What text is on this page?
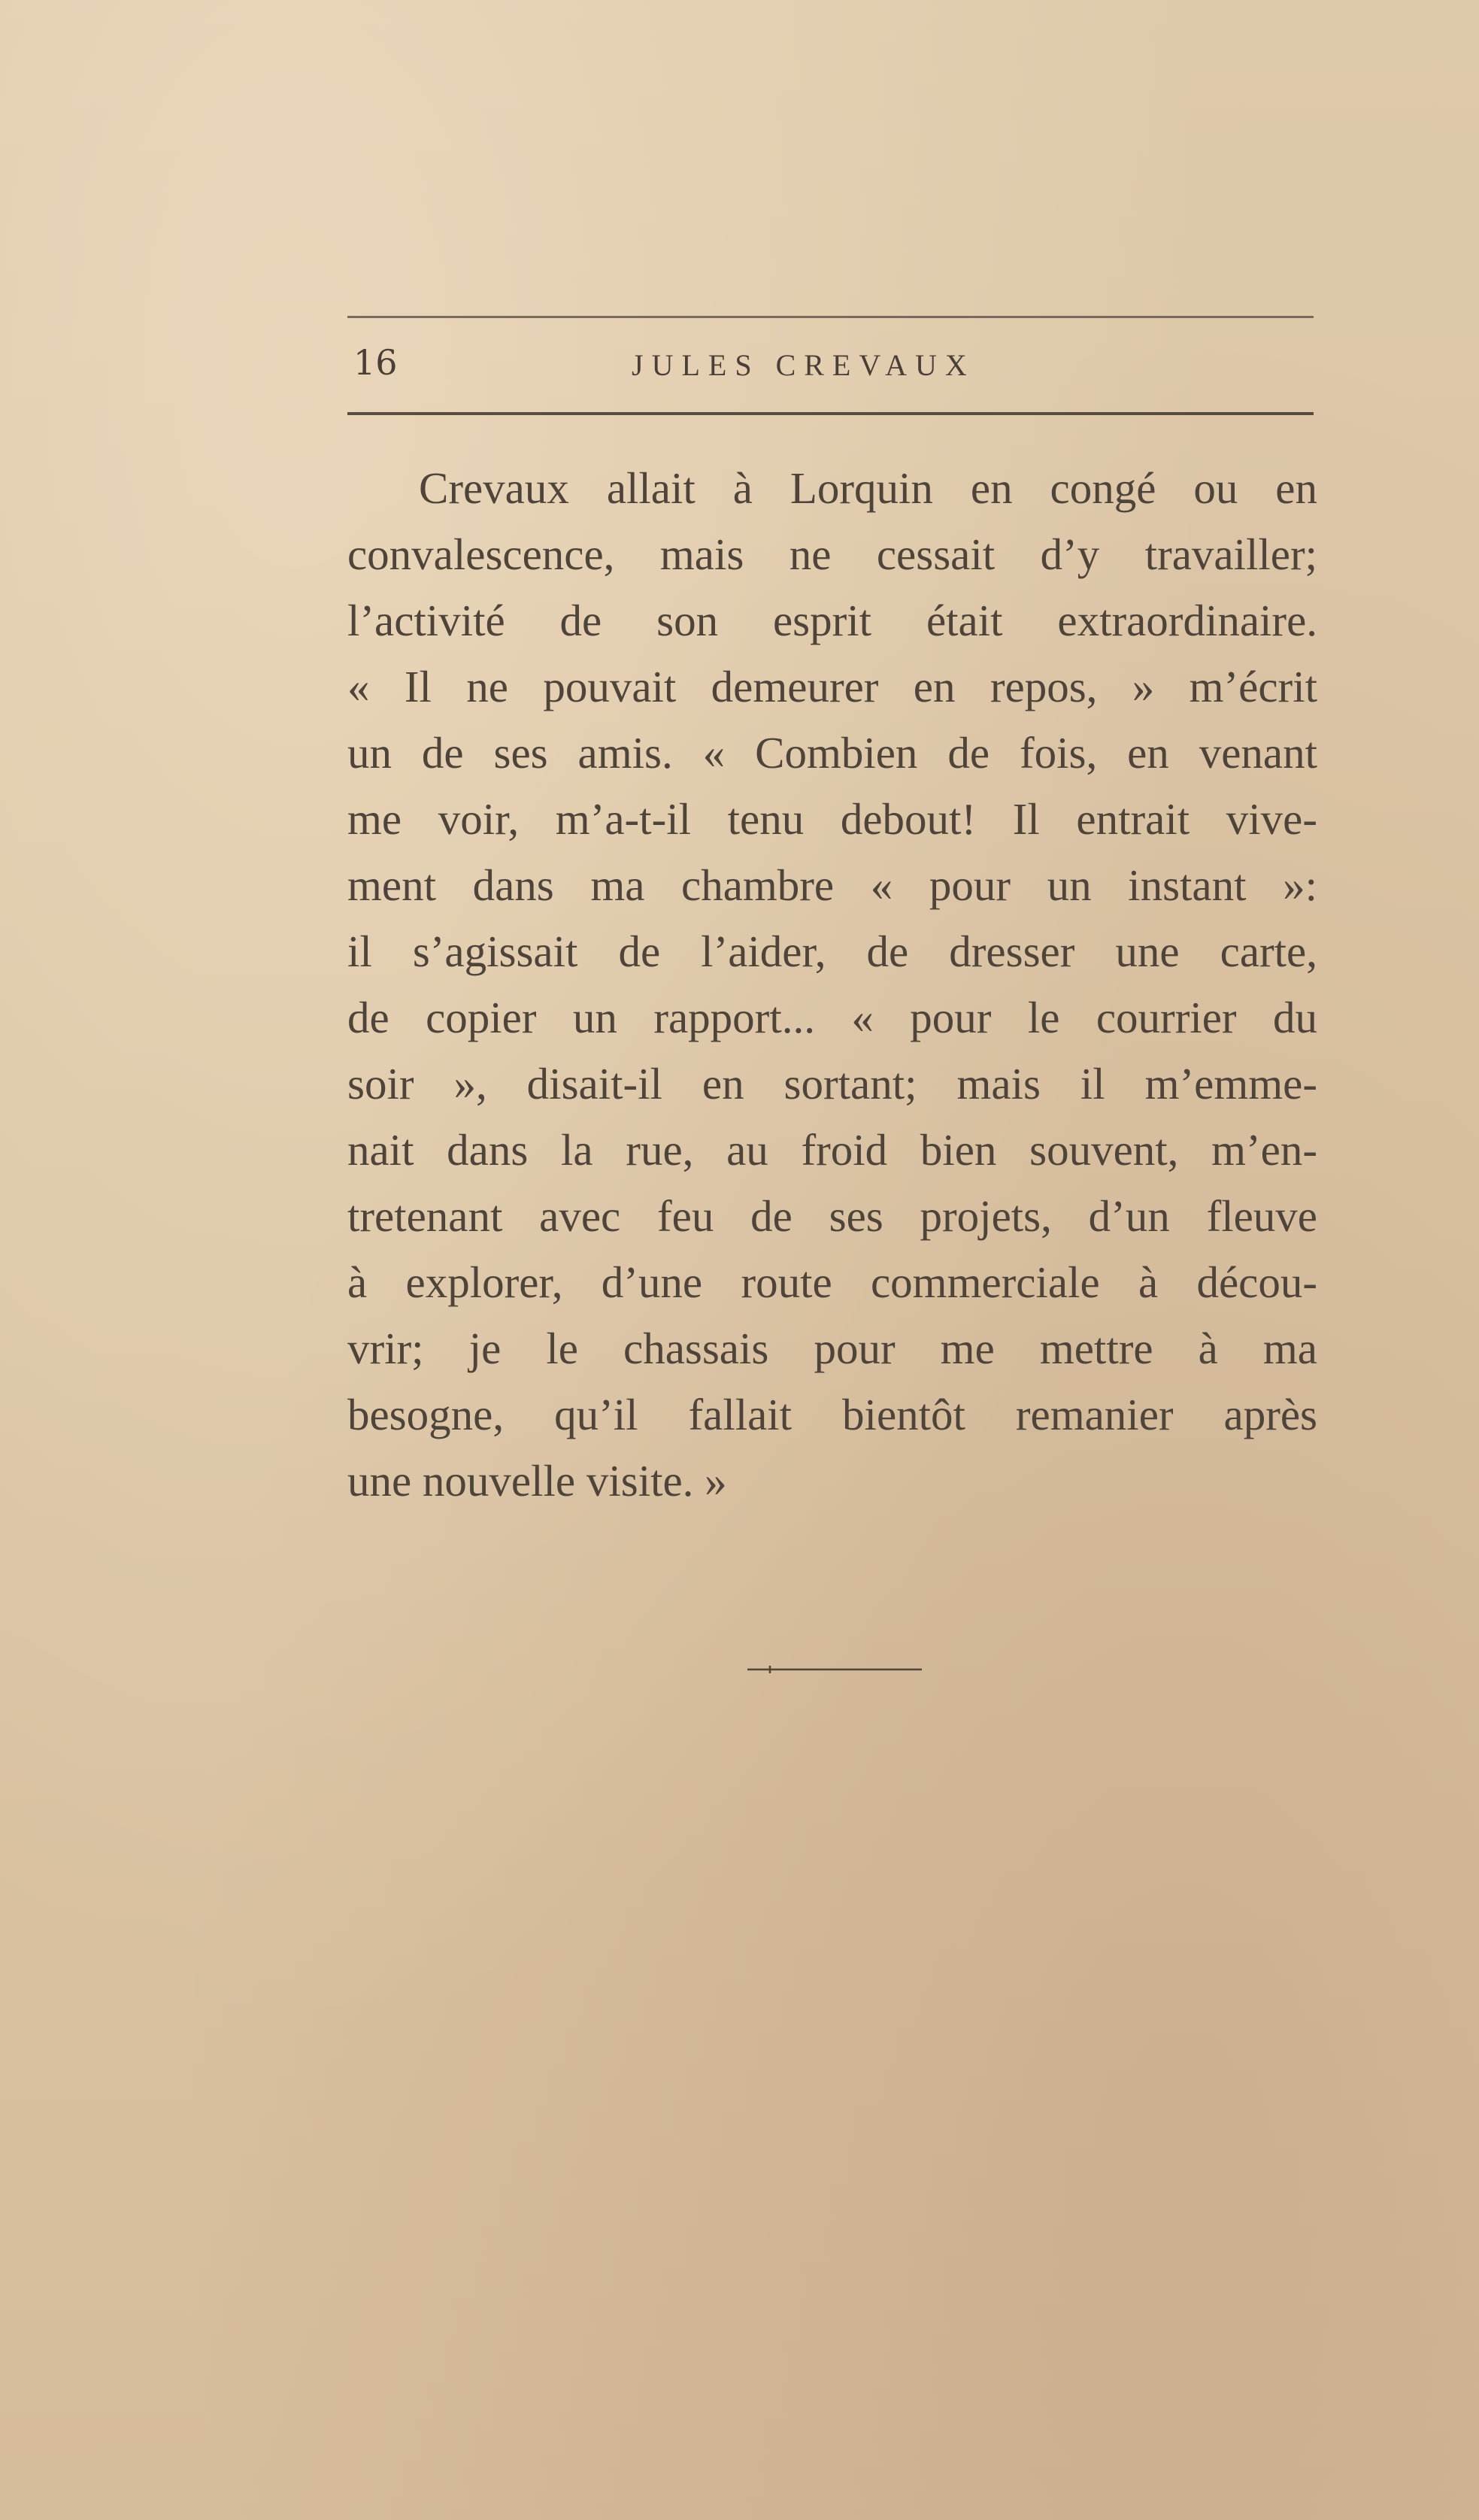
16	JULES CREVAUX
Crevaux allait à Lorquin en congé ou en
convalescence, mais ne cessait d’y travailler;
l’activité de son esprit était extraordinaire.
« Il ne pouvait demeurer en repos, » m’écrit
un de ses amis. « Combien de fois, en venant
me voir, m’a-t-il tenu debout! Il entrait vive-
ment dans ma chambre « pour un instant »:
il s’agissait de l’aider, de dresser une carte,
de copier un rapport... « pour le courrier du
soir », disait-il en sortant; mais il m’emme-
nait dans la rue, au froid bien souvent, m’en-
tretenant avec feu de ses projets, d’un fleuve
à explorer, d’une route commerciale à décou-
vrir; je le chassais pour me mettre à ma
besogne, qu’il fallait bientôt remanier après
une nouvelle visite. »
